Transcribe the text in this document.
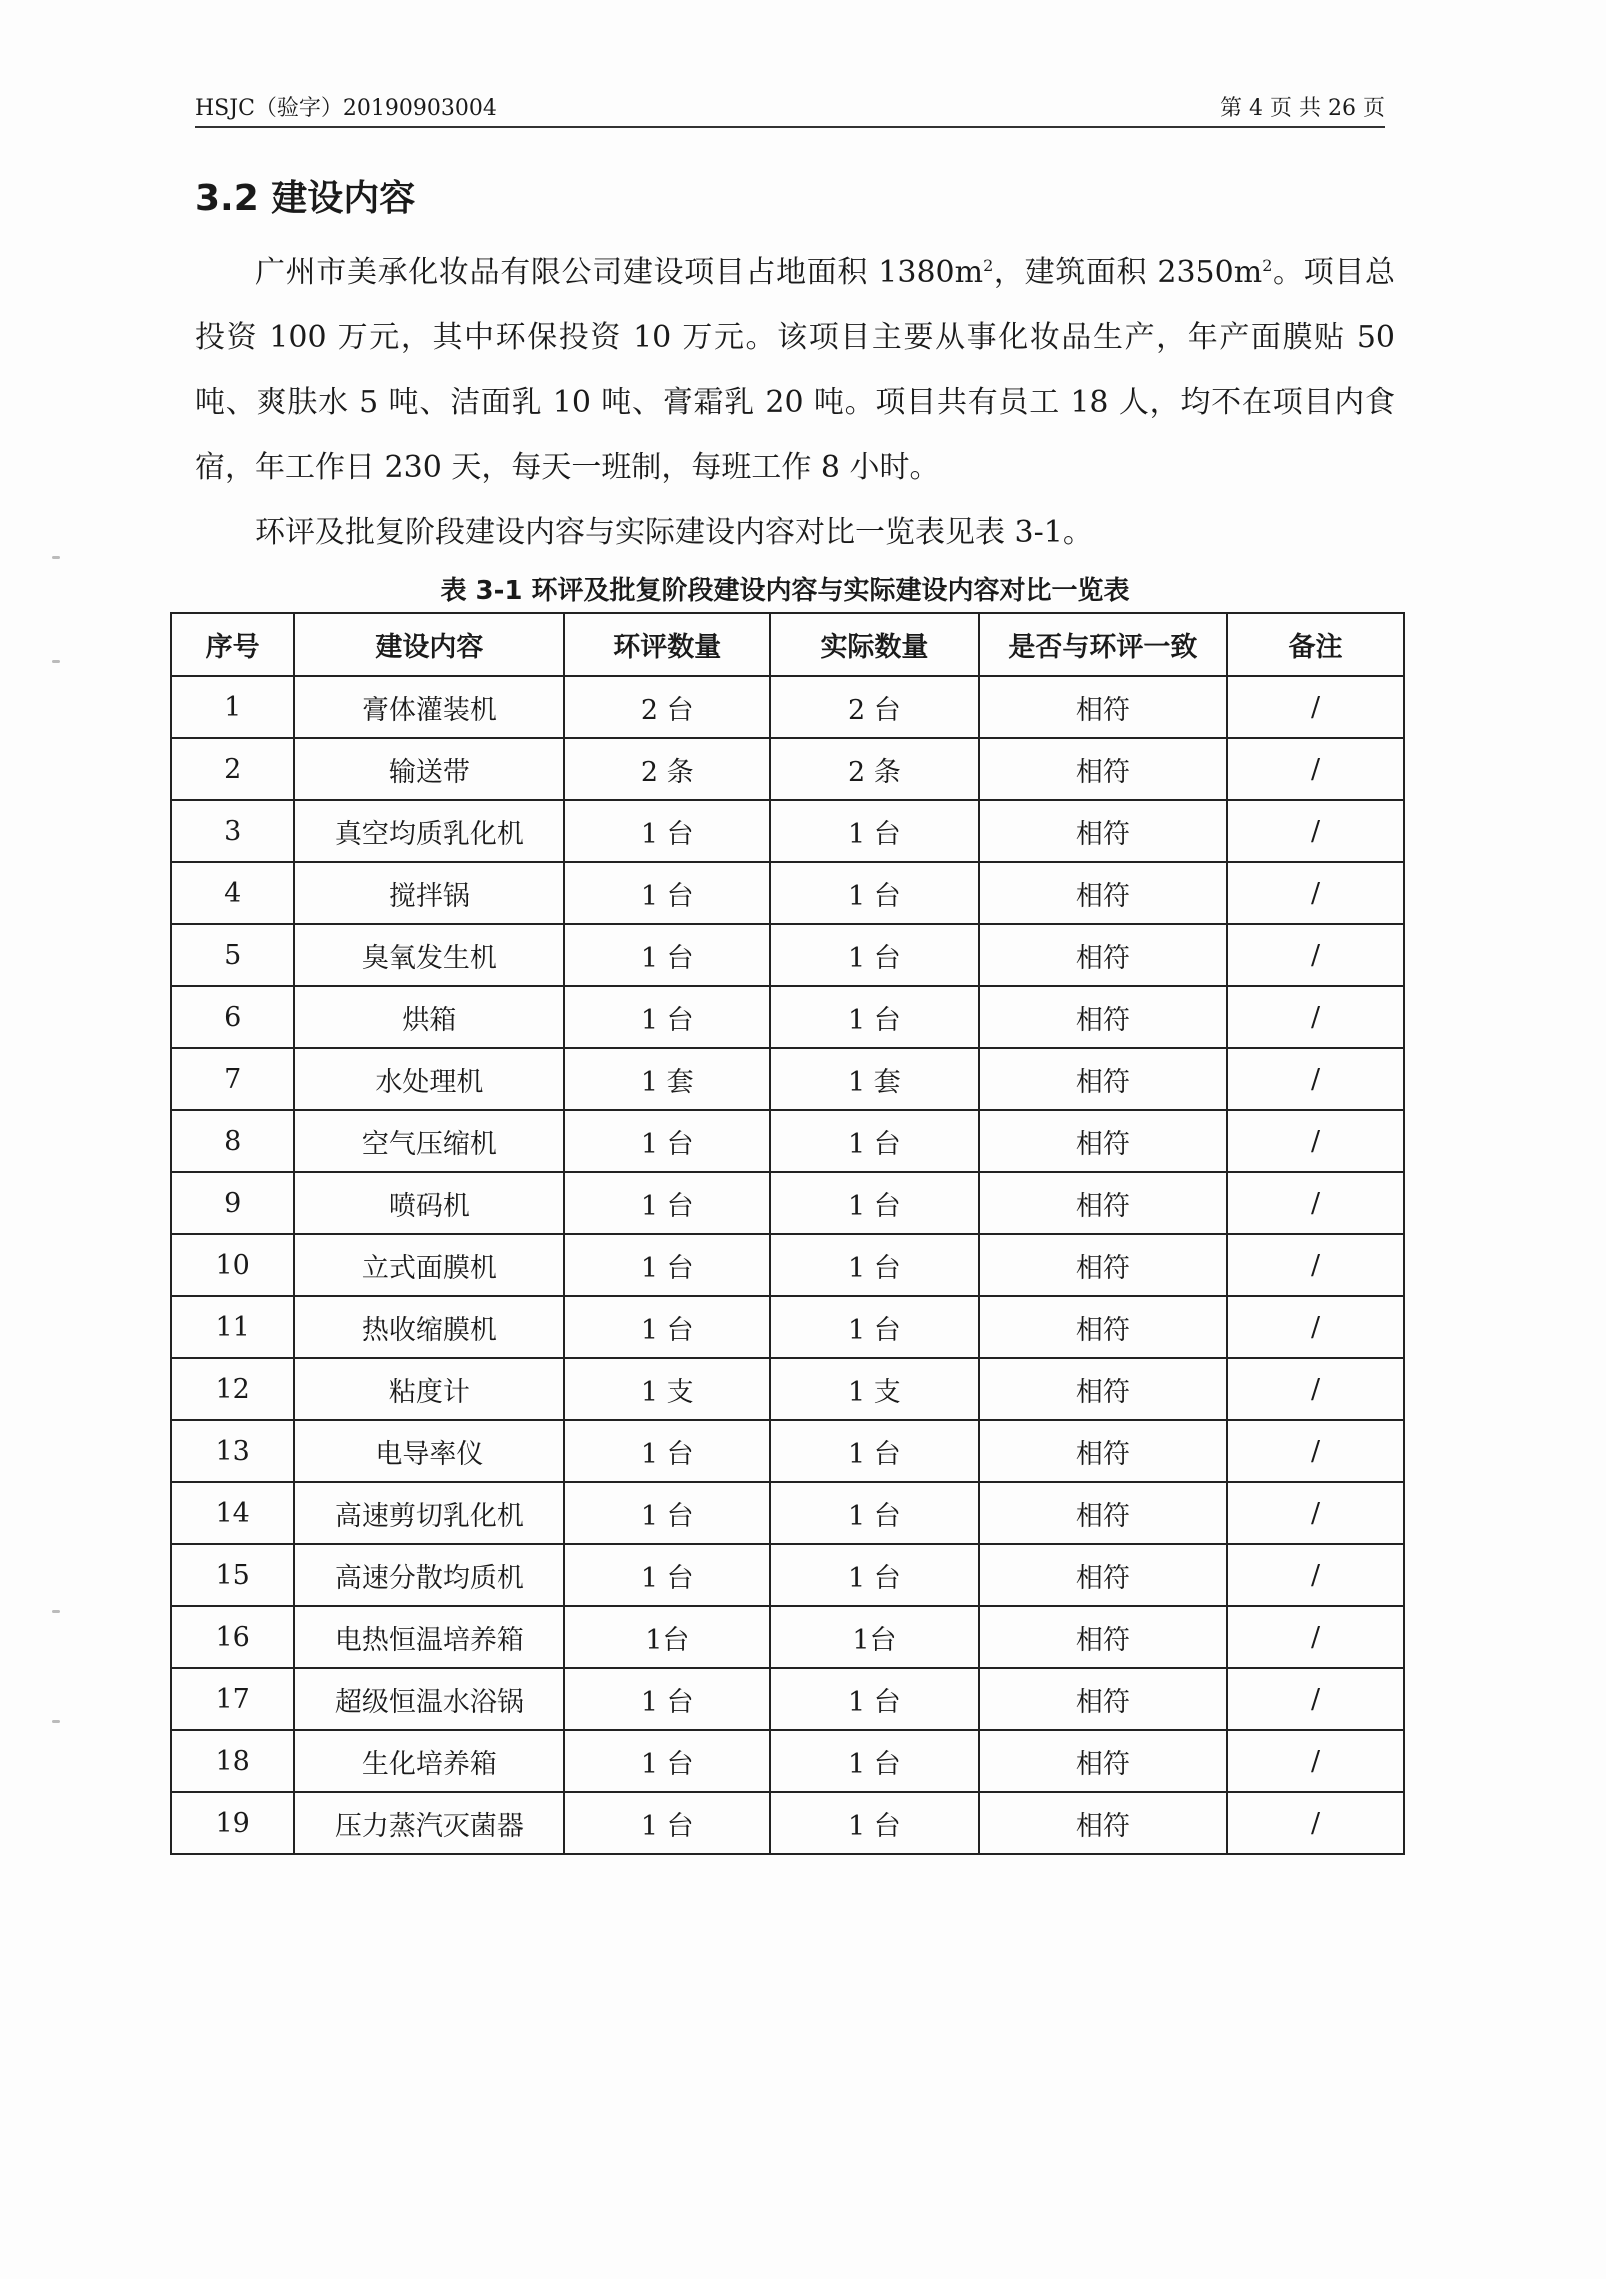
HSJC（验字）20190903004	第 4 页 共 26 页
3.2 建设内容
广州市美承化妆品有限公司建设项目占地面积 $1380m^2$，建筑面积 $2350m^2$。项目总投资 100 万元，其中环保投资 10 万元。该项目主要从事化妆品生产，年产面膜贴 50 吨、爽肤水 5 吨、洁面乳 10 吨、膏霜乳 20 吨。项目共有员工 18 人，均不在项目内食宿，年工作日 230 天，每天一班制，每班工作 8 小时。
环评及批复阶段建设内容与实际建设内容对比一览表见表 3-1。
表 3-1 环评及批复阶段建设内容与实际建设内容对比一览表
序号	建设内容	环评数量	实际数量	是否与环评一致	备注
1	膏体灌装机	2 台	2 台	相符	/
2	输送带	2 条	2 条	相符	/
3	真空均质乳化机	1 台	1 台	相符	/
4	搅拌锅	1 台	1 台	相符	/
5	臭氧发生机	1 台	1 台	相符	/
6	烘箱	1 台	1 台	相符	/
7	水处理机	1 套	1 套	相符	/
8	空气压缩机	1 台	1 台	相符	/
9	喷码机	1 台	1 台	相符	/
10	立式面膜机	1 台	1 台	相符	/
11	热收缩膜机	1 台	1 台	相符	/
12	粘度计	1 支	1 支	相符	/
13	电导率仪	1 台	1 台	相符	/
14	高速剪切乳化机	1 台	1 台	相符	/
15	高速分散均质机	1 台	1 台	相符	/
16	电热恒温培养箱	1台	1台	相符	/
17	超级恒温水浴锅	1 台	1 台	相符	/
18	生化培养箱	1 台	1 台	相符	/
19	压力蒸汽灭菌器	1 台	1 台	相符	/
